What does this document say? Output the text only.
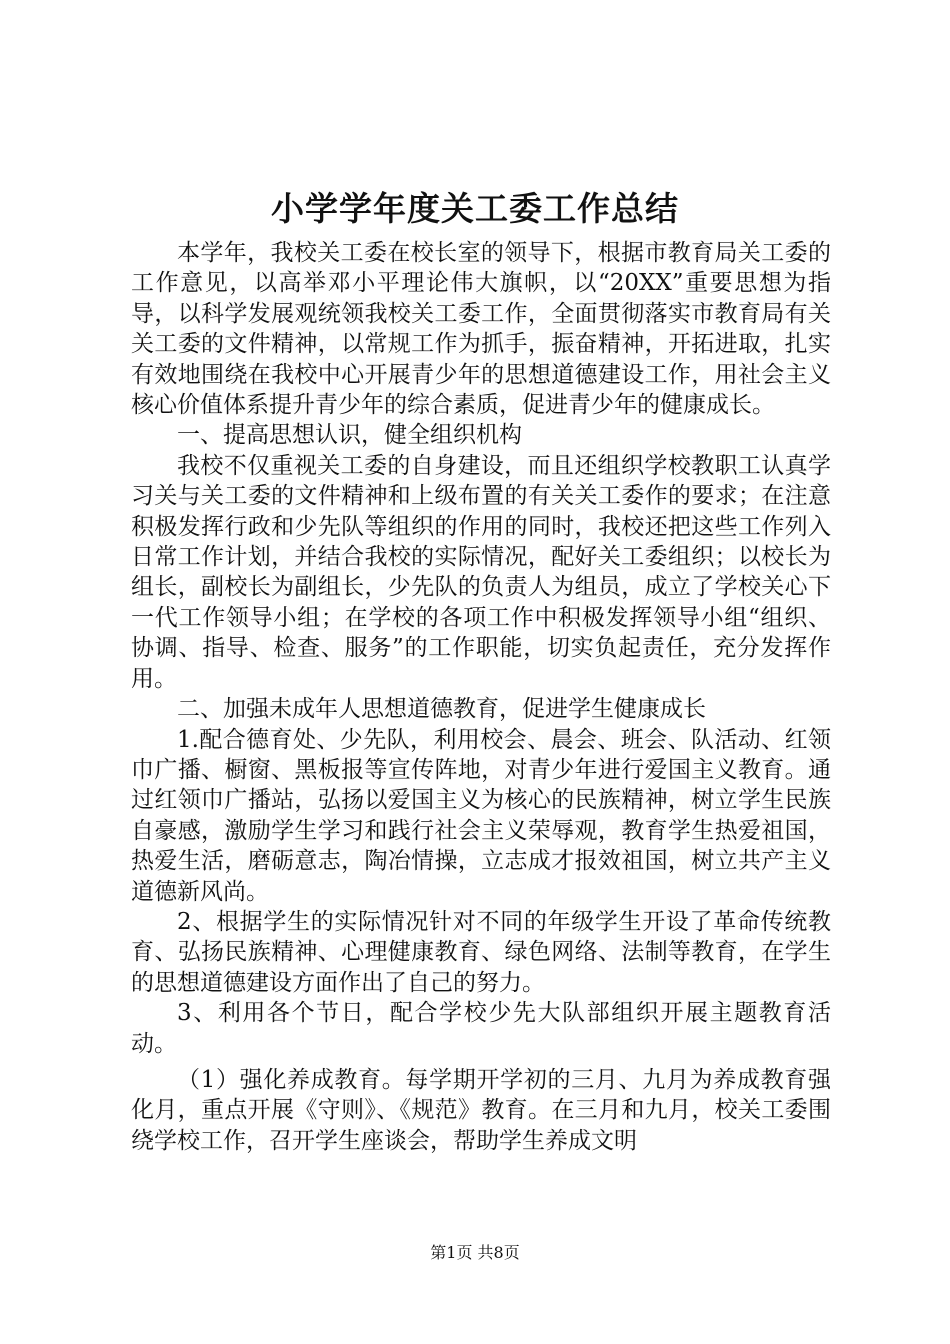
小学学年度关工委工作总结

本学年，我校关工委在校长室的领导下，根据市教育局关工委的工作意见，以高举邓小平理论伟大旗帜，以“20XX”重要思想为指导，以科学发展观统领我校关工委工作，全面贯彻落实市教育局有关关工委的文件精神，以常规工作为抓手，振奋精神，开拓进取，扎实有效地围绕在我校中心开展青少年的思想道德建设工作，用社会主义核心价值体系提升青少年的综合素质，促进青少年的健康成长。

一、提高思想认识，健全组织机构

我校不仅重视关工委的自身建设，而且还组织学校教职工认真学习关与关工委的文件精神和上级布置的有关关工委作的要求；在注意积极发挥行政和少先队等组织的作用的同时，我校还把这些工作列入日常工作计划，并结合我校的实际情况，配好关工委组织；以校长为组长，副校长为副组长，少先队的负责人为组员，成立了学校关心下一代工作领导小组；在学校的各项工作中积极发挥领导小组“组织、协调、指导、检查、服务”的工作职能，切实负起责任，充分发挥作用。

二、加强未成年人思想道德教育，促进学生健康成长

1.配合德育处、少先队，利用校会、晨会、班会、队活动、红领巾广播、橱窗、黑板报等宣传阵地，对青少年进行爱国主义教育。通过红领巾广播站，弘扬以爱国主义为核心的民族精神，树立学生民族自豪感，激励学生学习和践行社会主义荣辱观，教育学生热爱祖国，热爱生活，磨砺意志，陶冶情操，立志成才报效祖国，树立共产主义道德新风尚。

2、根据学生的实际情况针对不同的年级学生开设了革命传统教育、弘扬民族精神、心理健康教育、绿色网络、法制等教育，在学生的思想道德建设方面作出了自己的努力。

3、利用各个节日，配合学校少先大队部组织开展主题教育活动。

（1）强化养成教育。每学期开学初的三月、九月为养成教育强化月，重点开展《守则》、《规范》教育。在三月和九月，校关工委围绕学校工作，召开学生座谈会，帮助学生养成文明

第1页 共8页
